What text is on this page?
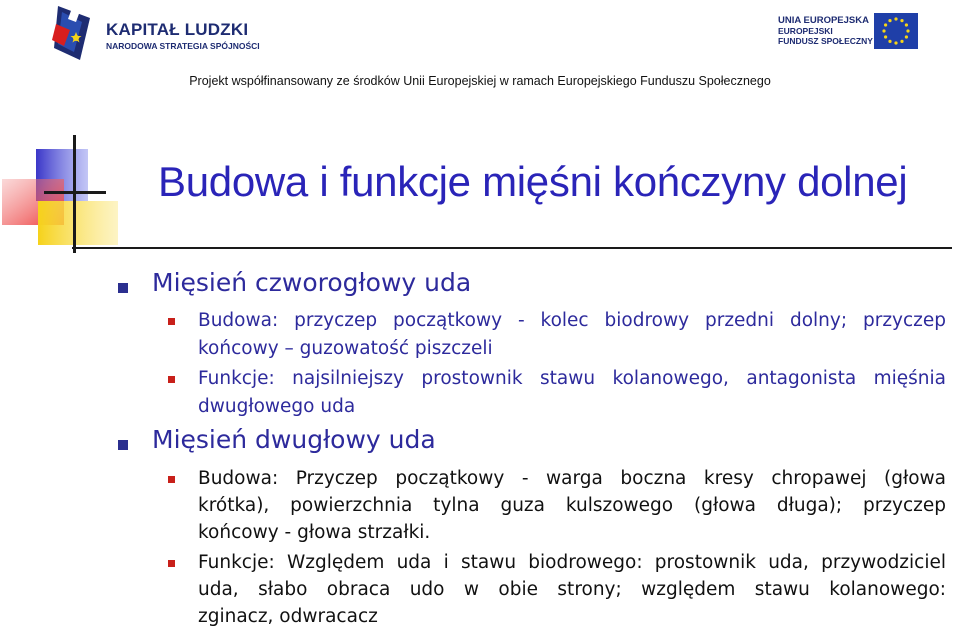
KAPITAŁ LUDZKI
NARODOWA STRATEGIA SPÓJNOŚCI
UNIA EUROPEJSKA
EUROPEJSKI
FUNDUSZ SPOŁECZNY
Projekt współfinansowany ze środków Unii Europejskiej w ramach Europejskiego Funduszu Społecznego
Budowa i funkcje mięśni kończyny dolnej
Mięsień czworogłowy uda
Budowa: przyczep początkowy - kolec biodrowy przedni dolny; przyczep
końcowy – guzowatość piszczeli
Funkcje: najsilniejszy prostownik stawu kolanowego, antagonista mięśnia
dwugłowego uda
Mięsień dwugłowy uda
Budowa: Przyczep początkowy - warga boczna kresy chropawej (głowa
krótka), powierzchnia tylna guza kulszowego (głowa długa); przyczep
końcowy - głowa strzałki.
Funkcje: Względem uda i stawu biodrowego: prostownik uda, przywodziciel
uda, słabo obraca udo w obie strony; względem stawu kolanowego:
zginacz, odwracacz
